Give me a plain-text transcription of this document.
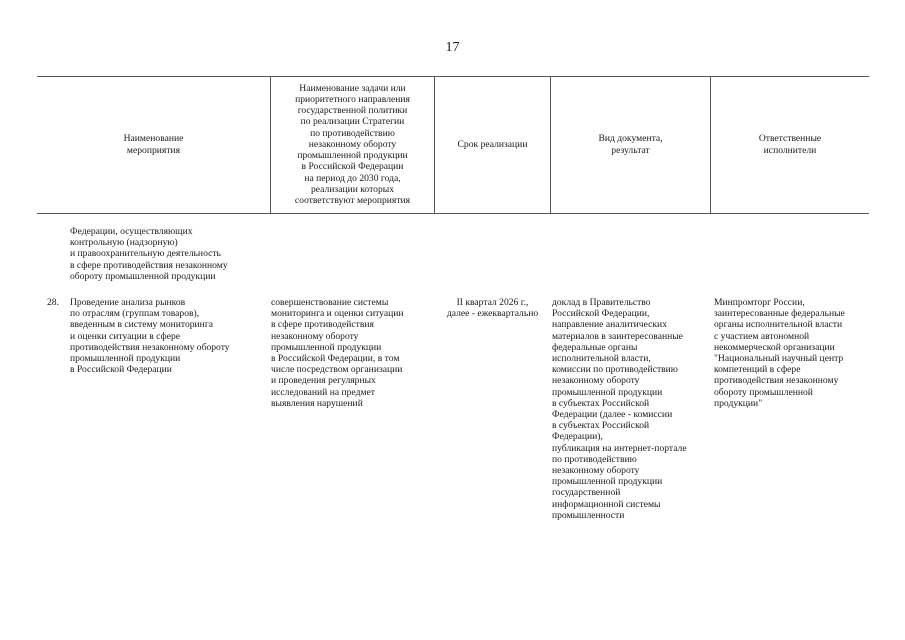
17
Наименование
мероприятия
Наименование задачи или
приоритетного направления
государственной политики
по реализации Стратегии
по противодействию
незаконному обороту
промышленной продукции
в Российской Федерации
на период до 2030 года,
реализации которых
соответствуют мероприятия
Срок реализации
Вид документа,
результат
Ответственные
исполнители
Федерации, осуществляющих
контрольную (надзорную)
и правоохранительную деятельность
в сфере противодействия незаконному
обороту промышленной продукции
28.	Проведение анализа рынков
по отраслям (группам товаров),
введенным в систему мониторинга
и оценки ситуации в сфере
противодействия незаконному обороту
промышленной продукции
в Российской Федерации
совершенствование системы
мониторинга и оценки ситуации
в сфере противодействия
незаконному обороту
промышленной продукции
в Российской Федерации, в том
числе посредством организации
и проведения регулярных
исследований на предмет
выявления нарушений
II квартал 2026 г.,
далее - ежеквартально
доклад в Правительство
Российской Федерации,
направление аналитических
материалов в заинтересованные
федеральные органы
исполнительной власти,
комиссии по противодействию
незаконному обороту
промышленной продукции
в субъектах Российской
Федерации (далее - комиссии
в субъектах Российской
Федерации),
публикация на интернет-портале
по противодействию
незаконному обороту
промышленной продукции
государственной
информационной системы
промышленности
Минпромторг России,
заинтересованные федеральные
органы исполнительной власти
с участием автономной
некоммерческой организации
"Национальный научный центр
компетенций в сфере
противодействия незаконному
обороту промышленной
продукции"
